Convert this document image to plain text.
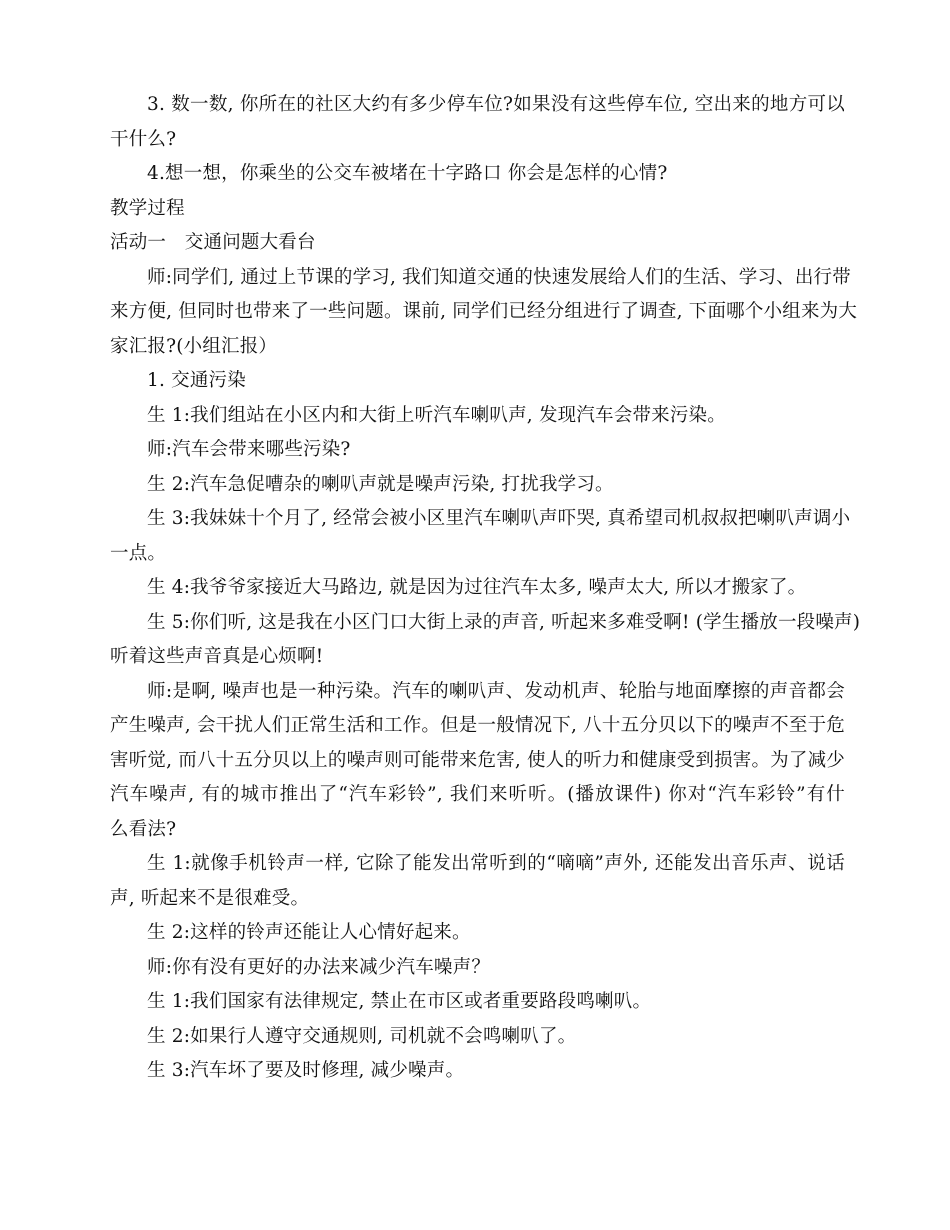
3. 数一数, 你所在的社区大约有多少停车位?如果没有这些停车位, 空出来的地方可以
干什么?
4.想一想，你乘坐的公交车被堵在十字路口 你会是怎样的心情?
教学过程
活动一　交通问题大看台
师:同学们, 通过上节课的学习, 我们知道交通的快速发展给人们的生活、学习、出行带
来方便, 但同时也带来了一些问题。课前, 同学们已经分组进行了调查, 下面哪个小组来为大
家汇报?(小组汇报）
1. 交通污染
生 1:我们组站在小区内和大街上听汽车喇叭声, 发现汽车会带来污染。
师:汽车会带来哪些污染?
生 2:汽车急促嘈杂的喇叭声就是噪声污染, 打扰我学习。
生 3:我妹妹十个月了, 经常会被小区里汽车喇叭声吓哭, 真希望司机叔叔把喇叭声调小
一点。
生 4:我爷爷家接近大马路边, 就是因为过往汽车太多, 噪声太大, 所以才搬家了。
生 5:你们听, 这是我在小区门口大街上录的声音, 听起来多难受啊! (学生播放一段噪声)
听着这些声音真是心烦啊!
师:是啊, 噪声也是一种污染。汽车的喇叭声、发动机声、轮胎与地面摩擦的声音都会
产生噪声, 会干扰人们正常生活和工作。但是一般情况下, 八十五分贝以下的噪声不至于危
害听觉, 而八十五分贝以上的噪声则可能带来危害, 使人的听力和健康受到损害。为了减少
汽车噪声, 有的城市推出了“汽车彩铃”, 我们来听听。(播放课件) 你对“汽车彩铃”有什
么看法?
生 1:就像手机铃声一样, 它除了能发出常听到的“嘀嘀”声外, 还能发出音乐声、说话
声, 听起来不是很难受。
生 2:这样的铃声还能让人心情好起来。
师:你有没有更好的办法来减少汽车噪声？
生 1:我们国家有法律规定, 禁止在市区或者重要路段鸣喇叭。
生 2:如果行人遵守交通规则, 司机就不会鸣喇叭了。
生 3:汽车坏了要及时修理, 减少噪声。
